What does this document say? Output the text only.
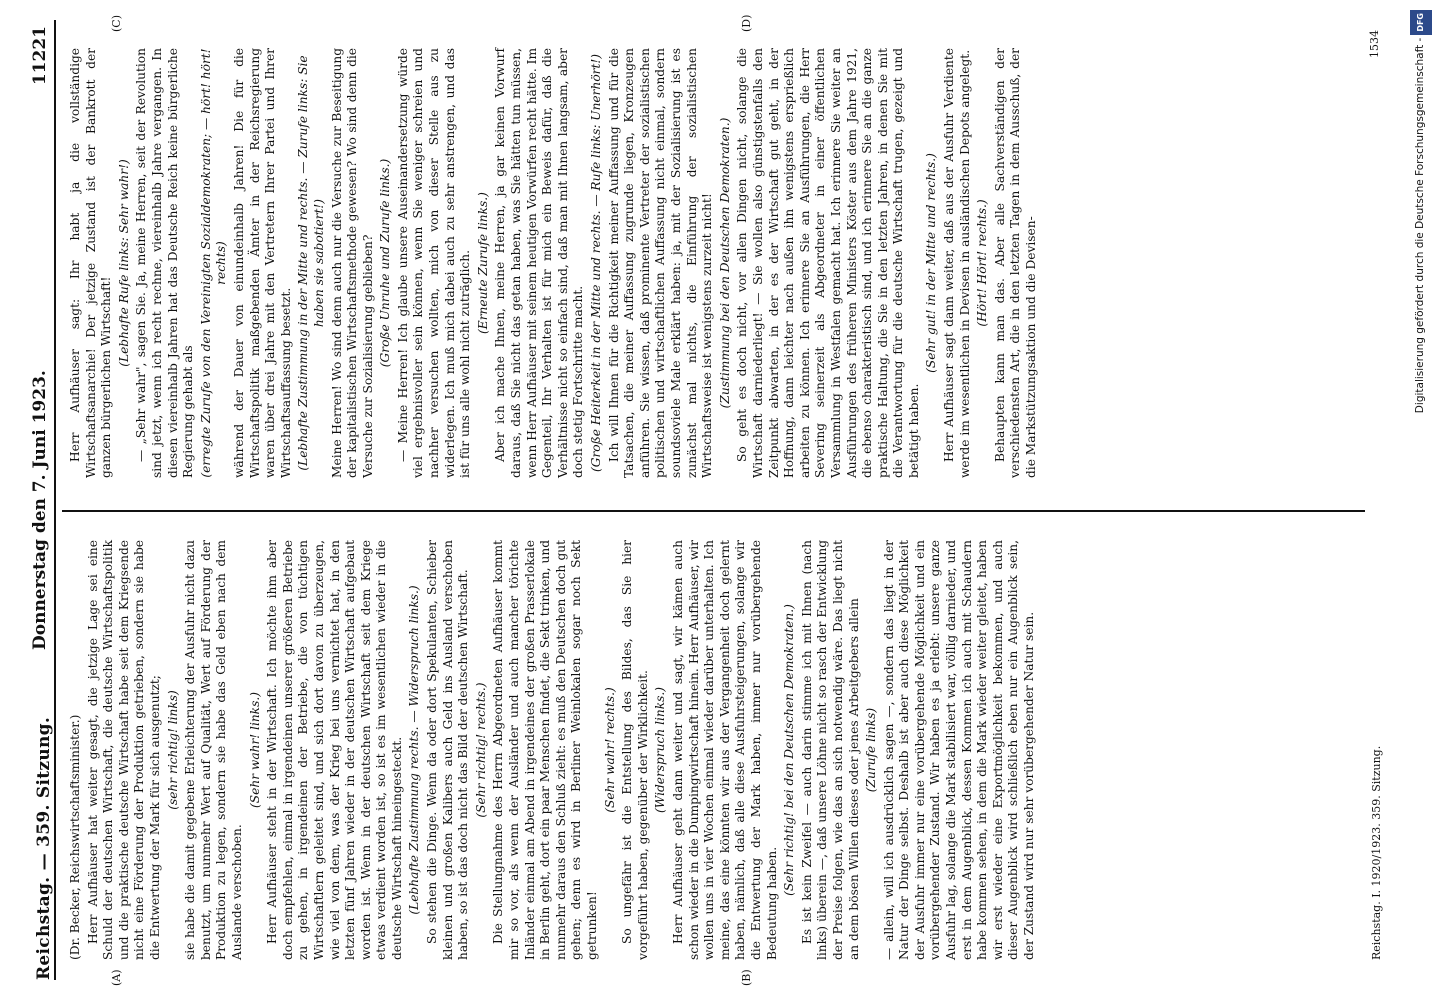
Reichstag. — 359. Sitzung.
Donnerstag den 7. Juni 1923.
11221
(A)	(B)
(C)	(D)

(Dr. Becker, Reichswirtschaftsminister.) Herr Aufhäuser hat weiter gesagt, die jetzige Lage sei eine Schuld der deutschen Wirtschaft, die deutsche Wirtschaftspolitik und die praktische deutsche Wirtschaft habe seit dem Kriegsende nicht eine Förderung der Produktion getrieben, sondern sie habe die Entwertung der Mark für sich ausgenutzt; (sehr richtig! links) sie habe die damit gegebene Erleichterung der Ausfuhr nicht dazu benutzt, um nunmehr Wert auf Qualität, Wert auf Förderung der Produktion zu legen, sondern sie habe das Geld eben nach dem Auslande verschoben.

(Sehr wahr! links.) Herr Aufhäuser steht in der Wirtschaft. Ich möchte ihm aber doch empfehlen, einmal in irgendeinen unserer größeren Betriebe zu gehen, in irgendeinen der Betriebe, die von tüchtigen Wirtschaftlern geleitet sind, und sich dort davon zu überzeugen, wie viel von dem, was der Krieg bei uns vernichtet hat, in den letzten fünf Jahren wieder in der deutschen Wirtschaft aufgebaut worden ist. Wenn in der deutschen Wirtschaft seit dem Kriege etwas verdient worden ist, so ist es im wesentlichen wieder in die deutsche Wirtschaft hineingesteckt. (Lebhafte Zustimmung rechts. — Widerspruch links.) So stehen die Dinge. Wenn da oder dort Spekulanten, Schieber kleinen und großen Kalibers auch Geld ins Ausland verschoben haben, so ist das doch nicht das Bild der deutschen Wirtschaft. (Sehr richtig! rechts.) Die Stellungnahme des Herrn Abgeordneten Aufhäuser kommt mir so vor, als wenn der Ausländer und auch mancher törichte Inländer einmal am Abend in irgendeines der großen Prasserlokale in Berlin geht, dort ein paar Menschen findet, die Sekt trinken, und nunmehr daraus den Schluß zieht: es muß den Deutschen doch gut gehen; denn es wird in Berliner Weinlokalen sogar noch Sekt getrunken!

(Sehr wahr! rechts.) So ungefähr ist die Entstellung des Bildes, das Sie hier vorgeführt haben, gegenüber der Wirklichkeit. (Widerspruch links.) Herr Aufhäuser geht dann weiter und sagt, wir kämen auch schon wieder in die Dumpingwirtschaft hinein. Herr Aufhäuser, wir wollen uns in vier Wochen einmal wieder darüber unterhalten. Ich meine, das eine könnten wir aus der Vergangenheit doch gelernt haben, nämlich, daß alle diese Ausfuhrsteigerungen, solange wir die Entwertung der Mark haben, immer nur vorübergehende Bedeutung haben.

(Sehr richtig! bei den Deutschen Demokraten.) Es ist kein Zweifel — auch darin stimme ich mit Ihnen (nach links) überein —, daß unsere Löhne nicht so rasch der Entwicklung der Preise folgen, wie das an sich notwendig wäre. Das liegt nicht an dem bösen Willen dieses oder jenes Arbeitgebers allein (Zurufe links) — allein, will ich ausdrücklich sagen —, sondern das liegt in der Natur der Dinge selbst. Deshalb ist aber auch diese Möglichkeit der Ausfuhr immer nur eine vorübergehende Möglichkeit und ein vorübergehender Zustand. Wir haben es ja erlebt: unsere ganze Ausfuhr lag, solange die Mark stabilisiert war, völlig darnieder, und erst in dem Augenblick, dessen Kommen ich auch mit Schaudern habe kommen sehen, in dem die Mark wieder weiter gleitet, haben wir erst wieder eine Exportmöglichkeit bekommen, und auch dieser Augenblick wird schließlich eben nur ein Augenblick sein, der Zustand wird nur sehr vorübergehender Natur sein.

Herr Aufhäuser sagt: Ihr habt ja die vollständige Wirtschaftsanarchie! Der jetzige Zustand ist der Bankrott der ganzen bürgerlichen Wirtschaft!

(Lebhafte Rufe links: Sehr wahr!) — „Sehr wahr", sagen Sie. Ja, meine Herren, seit der Revolution sind jetzt, wenn ich recht rechne, viereinhalb Jahre vergangen. In diesen viereinhalb Jahren hat das Deutsche Reich keine bürgerliche Regierung gehabt als (erregte Zurufe von den Vereinigten Sozialdemokraten; — hört! hört! rechts) während der Dauer von einundeinhalb Jahren! Die für die Wirtschaftspolitik maßgebenden Ämter in der Reichsregierung waren über drei Jahre mit den Vertretern Ihrer Partei und Ihrer Wirtschaftsauffassung besetzt. (Lebhafte Zustimmung in der Mitte und rechts. — Zurufe links: Sie haben sie sabotiert!) Meine Herren! Wo sind denn auch nur die Versuche zur Beseitigung der kapitalistischen Wirtschaftsmethode gewesen? Wo sind denn die Versuche zur Sozialisierung geblieben? (Große Unruhe und Zurufe links.) — Meine Herren! Ich glaube unsere Auseinandersetzung würde viel ergebnisvoller sein können, wenn Sie weniger schreien und nachher versuchen wollten, mich von dieser Stelle aus zu widerlegen. Ich muß mich dabei auch zu sehr anstrengen, und das ist für uns alle wohl nicht zuträglich. (Erneute Zurufe links.) Aber ich mache Ihnen, meine Herren, ja gar keinen Vorwurf daraus, daß Sie nicht das getan haben, was Sie hätten tun müssen, wenn Herr Aufhäuser mit seinem heutigen Vorwürfen recht hätte. Im Gegenteil, Ihr Verhalten ist für mich ein Beweis dafür, daß die Verhältnisse nicht so einfach sind, daß man mit Ihnen langsam, aber doch stetig Fortschritte macht. (Große Heiterkeit in der Mitte und rechts. — Rufe links: Unerhört!) Ich will Ihnen für die Richtigkeit meiner Auffassung und für die Tatsachen, die meiner Auffassung zugrunde liegen, Kronzeugen anführen. Sie wissen, daß prominente Vertreter der sozialistischen politischen und wirtschaftlichen Auffassung nicht einmal, sondern soundsoviele Male erklärt haben: ja, mit der Sozialisierung ist es zunächst mal nichts, die Einführung der sozialistischen Wirtschaftsweise ist wenigstens zurzeit nicht! (Zustimmung bei den Deutschen Demokraten.) So geht es doch nicht, vor allen Dingen nicht, solange die Wirtschaft darniederliegt! — Sie wollen also günstigstenfalls den Zeitpunkt abwarten, in der es der Wirtschaft gut geht, in der Hoffnung, dann leichter nach außen ihn wenigstens ersprießlich arbeiten zu können. Ich erinnere Sie an Ausführungen, die Herr Severing seinerzeit als Abgeordneter in einer öffentlichen Versammlung in Westfalen gemacht hat. Ich erinnere Sie weiter an Ausführungen des früheren Ministers Köster aus dem Jahre 1921, die ebenso charakteristisch sind, und ich erinnere Sie an die ganze praktische Haltung, die Sie in den letzten Jahren, in denen Sie mit die Verantwortung für die deutsche Wirtschaft trugen, gezeigt und betätigt haben.

(Sehr gut! in der Mitte und rechts.) Herr Aufhäuser sagt dann weiter, daß aus der Ausfuhr Verdiente werde im wesentlichen in Devisen in ausländischen Depots angelegt. (Hört! Hört! rechts.) Behaupten kann man das. Aber alle Sachverständigen der verschiedensten Art, die in den letzten Tagen in dem Ausschuß, der die Markstützungsaktion und die Devisen-

Reichstag. I. 1920/1923. 359. Sitzung.
1534	Digitalisierung gefördert durch die Deutsche Forschungsgemeinschaft -DFG
